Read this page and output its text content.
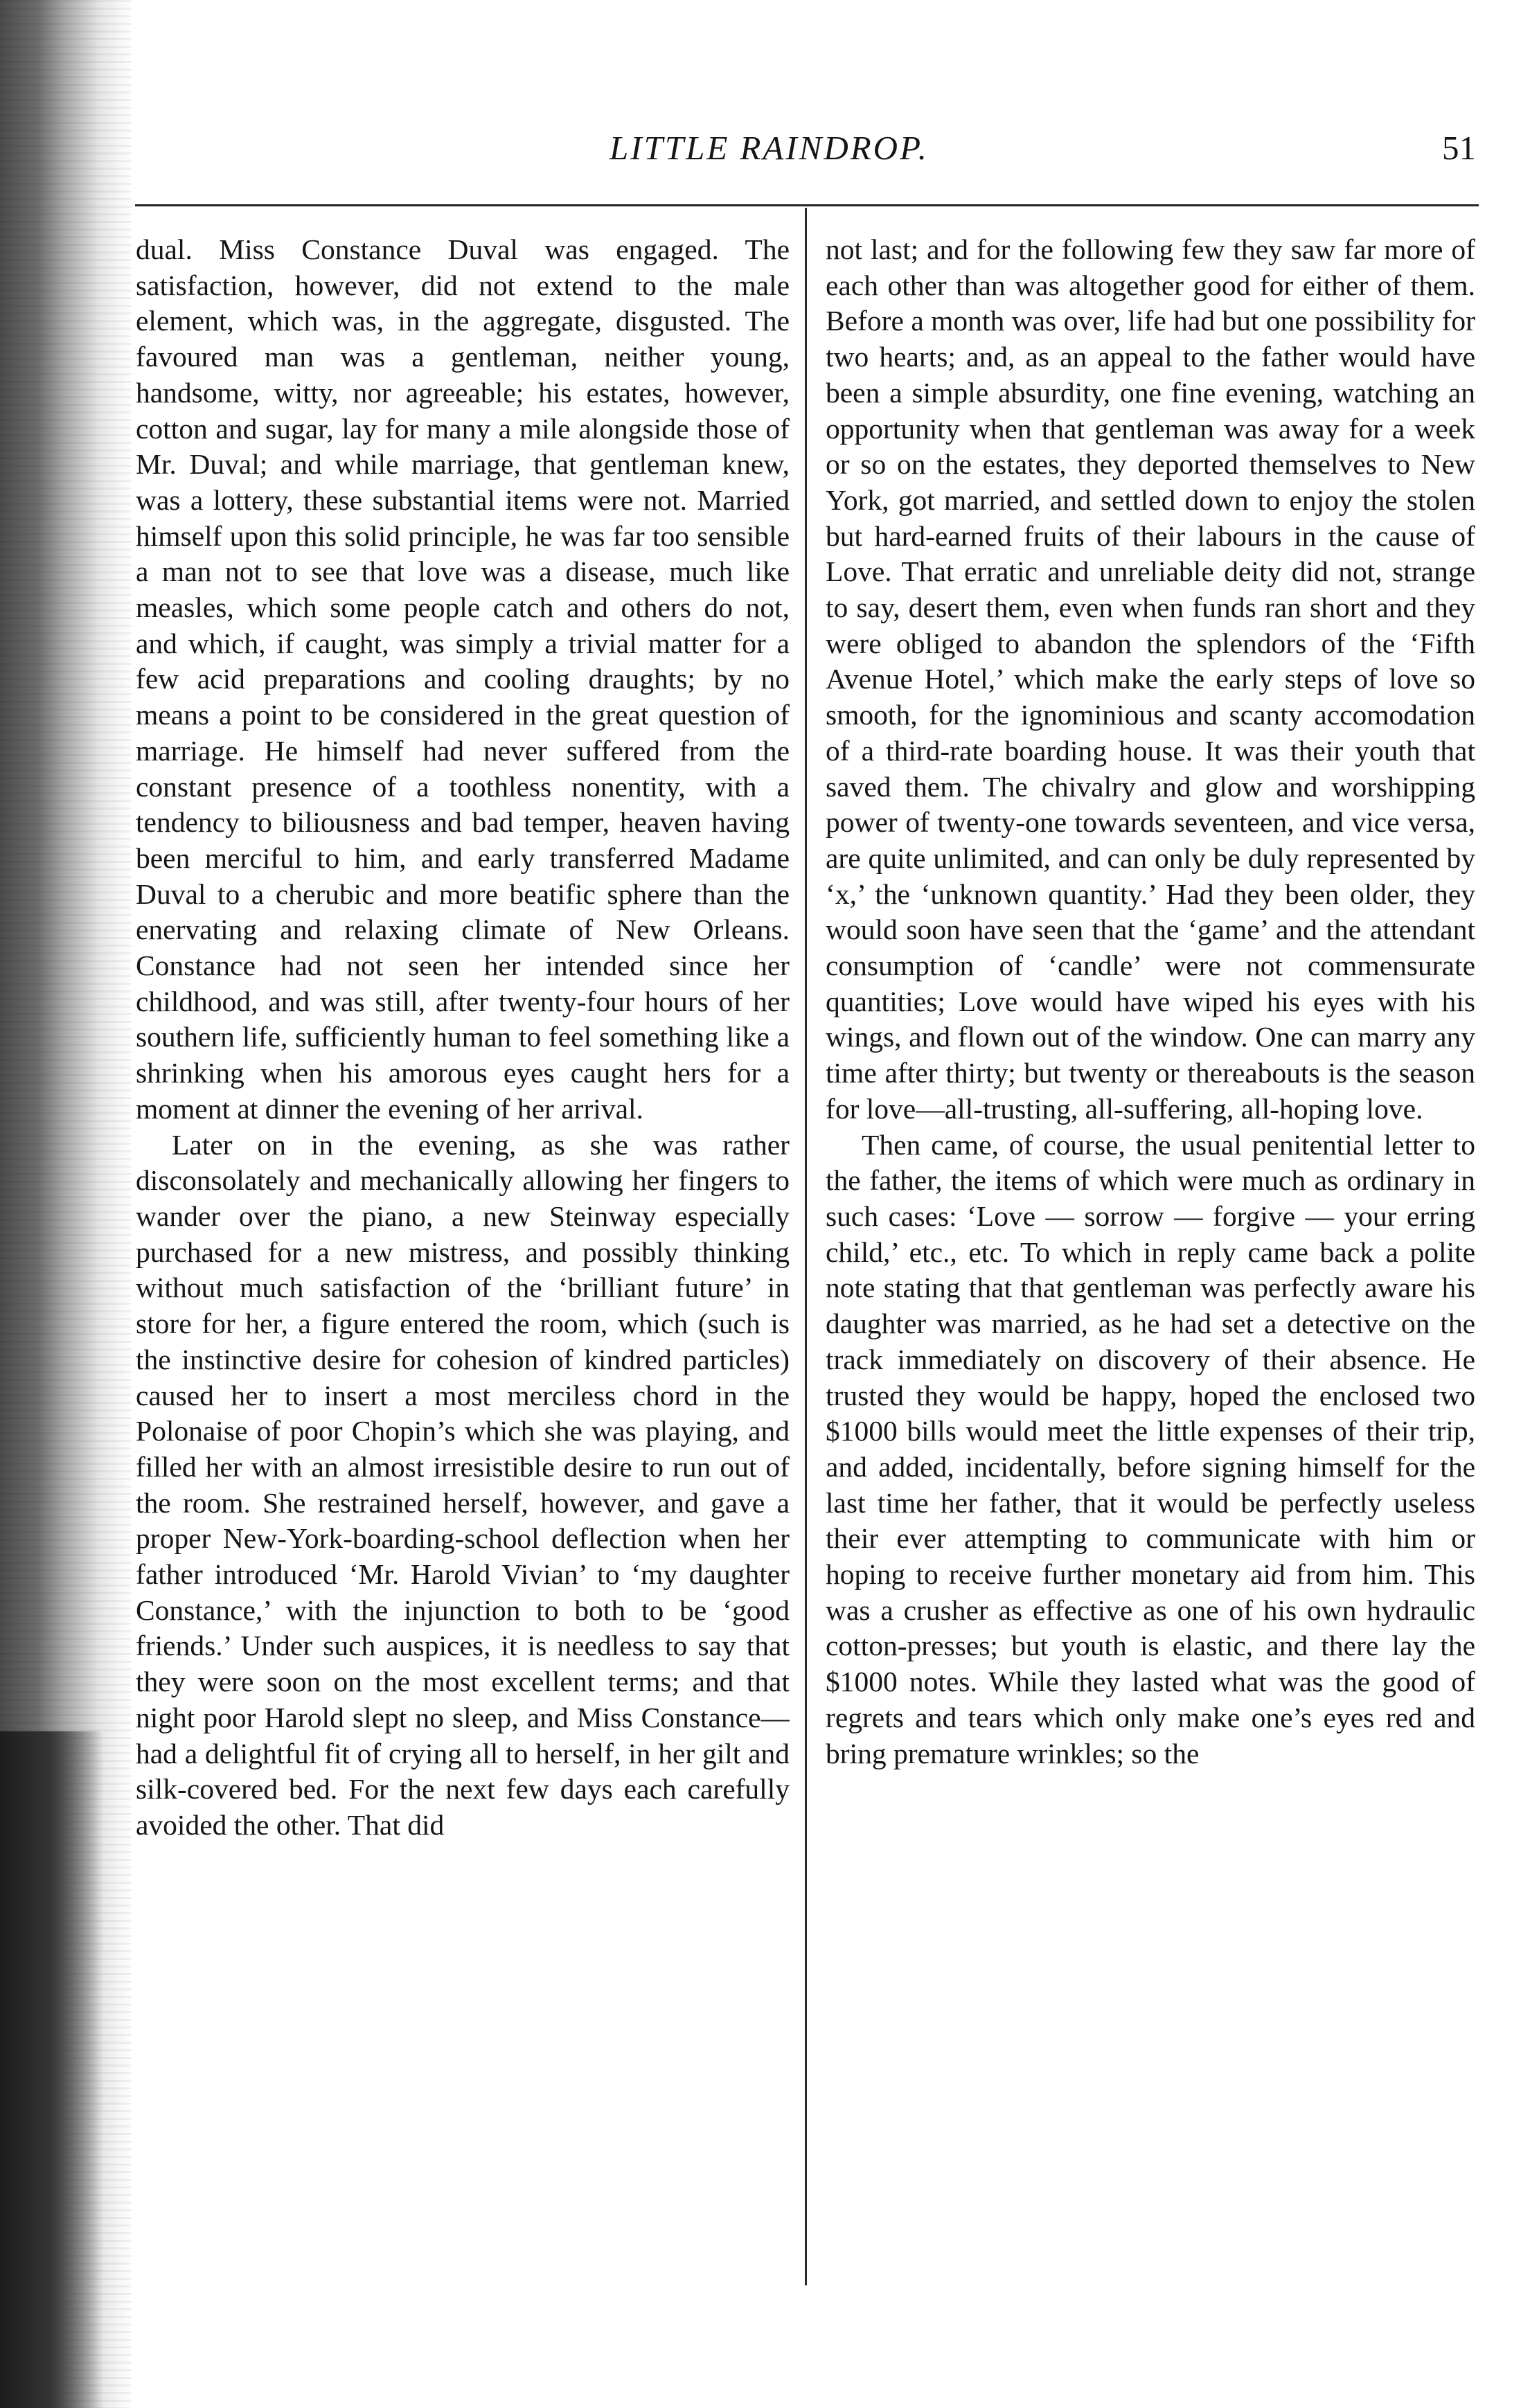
LITTLE RAINDROP.	51

dual. Miss Constance Duval was engaged. The satisfaction, however, did not extend to the male element, which was, in the aggregate, disgusted. The favoured man was a gentleman, neither young, handsome, witty, nor agreeable; his estates, however, cotton and sugar, lay for many a mile alongside those of Mr. Duval; and while marriage, that gentleman knew, was a lottery, these substantial items were not. Married himself upon this solid principle, he was far too sensible a man not to see that love was a disease, much like measles, which some people catch and others do not, and which, if caught, was simply a trivial matter for a few acid preparations and cooling draughts; by no means a point to be considered in the great question of marriage. He himself had never suffered from the constant presence of a toothless nonentity, with a tendency to biliousness and bad temper, heaven having been merciful to him, and early transferred Madame Duval to a cherubic and more beatific sphere than the enervating and relaxing climate of New Orleans. Constance had not seen her intended since her childhood, and was still, after twenty-four hours of her southern life, sufficiently human to feel something like a shrinking when his amorous eyes caught hers for a moment at dinner the evening of her arrival.

Later on in the evening, as she was rather disconsolately and mechanically allowing her fingers to wander over the piano, a new Steinway especially purchased for a new mistress, and possibly thinking without much satisfaction of the ‘brilliant future’ in store for her, a figure entered the room, which (such is the instinctive desire for cohesion of kindred particles) caused her to insert a most merciless chord in the Polonaise of poor Chopin’s which she was playing, and filled her with an almost irresistible desire to run out of the room. She restrained herself, however, and gave a proper New-York-boarding-school deflection when her father introduced ‘Mr. Harold Vivian’ to ‘my daughter Constance,’ with the injunction to both to be ‘good friends.’ Under such auspices, it is needless to say that they were soon on the most excellent terms; and that night poor Harold slept no sleep, and Miss Constance—had a delightful fit of crying all to herself, in her gilt and silk-covered bed. For the next few days each carefully avoided the other. That did

not last; and for the following few they saw far more of each other than was altogether good for either of them. Before a month was over, life had but one possibility for two hearts; and, as an appeal to the father would have been a simple absurdity, one fine evening, watching an opportunity when that gentleman was away for a week or so on the estates, they deported themselves to New York, got married, and settled down to enjoy the stolen but hard-earned fruits of their labours in the cause of Love. That erratic and unreliable deity did not, strange to say, desert them, even when funds ran short and they were obliged to abandon the splendors of the ‘Fifth Avenue Hotel,’ which make the early steps of love so smooth, for the ignominious and scanty accomodation of a third-rate boarding house. It was their youth that saved them. The chivalry and glow and worshipping power of twenty-one towards seventeen, and vice versa, are quite unlimited, and can only be duly represented by ‘x,’ the ‘unknown quantity.’ Had they been older, they would soon have seen that the ‘game’ and the attendant consumption of ‘candle’ were not commensurate quantities; Love would have wiped his eyes with his wings, and flown out of the window. One can marry any time after thirty; but twenty or thereabouts is the season for love—all-trusting, all-suffering, all-hoping love.

Then came, of course, the usual penitential letter to the father, the items of which were much as ordinary in such cases: ‘Love — sorrow — forgive — your erring child,’ etc., etc. To which in reply came back a polite note stating that that gentleman was perfectly aware his daughter was married, as he had set a detective on the track immediately on discovery of their absence. He trusted they would be happy, hoped the enclosed two $1000 bills would meet the little expenses of their trip, and added, incidentally, before signing himself for the last time her father, that it would be perfectly useless their ever attempting to communicate with him or hoping to receive further monetary aid from him. This was a crusher as effective as one of his own hydraulic cotton-presses; but youth is elastic, and there lay the $1000 notes. While they lasted what was the good of regrets and tears which only make one’s eyes red and bring premature wrinkles; so the
